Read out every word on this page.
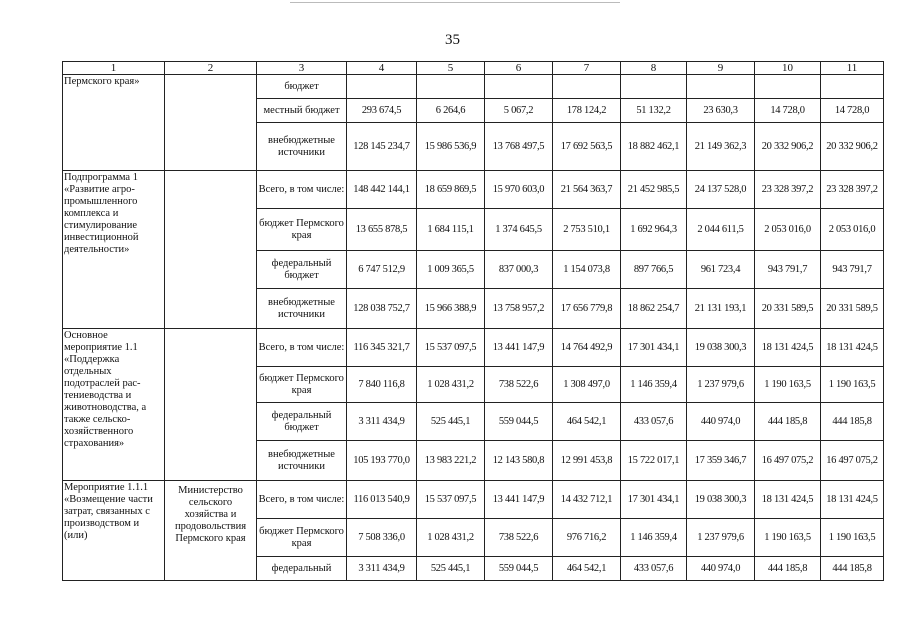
35
1	2	3	4	5	6	7	8	9	10	11
Пермского края»		бюджет								
		местный бюджет	293 674,5	6 264,6	5 067,2	178 124,2	51 132,2	23 630,3	14 728,0	14 728,0
		внебюджетные источники	128 145 234,7	15 986 536,9	13 768 497,5	17 692 563,5	18 882 462,1	21 149 362,3	20 332 906,2	20 332 906,2
Подпрограмма 1 «Развитие агро-промышленного комплекса и стимулирование инвестиционной деятельности»		Всего, в том числе:	148 442 144,1	18 659 869,5	15 970 603,0	21 564 363,7	21 452 985,5	24 137 528,0	23 328 397,2	23 328 397,2
		бюджет Пермского края	13 655 878,5	1 684 115,1	1 374 645,5	2 753 510,1	1 692 964,3	2 044 611,5	2 053 016,0	2 053 016,0
		федеральный бюджет	6 747 512,9	1 009 365,5	837 000,3	1 154 073,8	897 766,5	961 723,4	943 791,7	943 791,7
		внебюджетные источники	128 038 752,7	15 966 388,9	13 758 957,2	17 656 779,8	18 862 254,7	21 131 193,1	20 331 589,5	20 331 589,5
Основное мероприятие 1.1 «Поддержка отдельных подотраслей рас-тениеводства и животноводства, а также сельско-хозяйственного страхования»		Всего, в том числе:	116 345 321,7	15 537 097,5	13 441 147,9	14 764 492,9	17 301 434,1	19 038 300,3	18 131 424,5	18 131 424,5
		бюджет Пермского края	7 840 116,8	1 028 431,2	738 522,6	1 308 497,0	1 146 359,4	1 237 979,6	1 190 163,5	1 190 163,5
		федеральный бюджет	3 311 434,9	525 445,1	559 044,5	464 542,1	433 057,6	440 974,0	444 185,8	444 185,8
		внебюджетные источники	105 193 770,0	13 983 221,2	12 143 580,8	12 991 453,8	15 722 017,1	17 359 346,7	16 497 075,2	16 497 075,2
Мероприятие 1.1.1 «Возмещение части затрат, связанных с производством и (или)	Министерство сельского хозяйства и продовольствия Пермского края	Всего, в том числе:	116 013 540,9	15 537 097,5	13 441 147,9	14 432 712,1	17 301 434,1	19 038 300,3	18 131 424,5	18 131 424,5
		бюджет Пермского края	7 508 336,0	1 028 431,2	738 522,6	976 716,2	1 146 359,4	1 237 979,6	1 190 163,5	1 190 163,5
		федеральный	3 311 434,9	525 445,1	559 044,5	464 542,1	433 057,6	440 974,0	444 185,8	444 185,8
